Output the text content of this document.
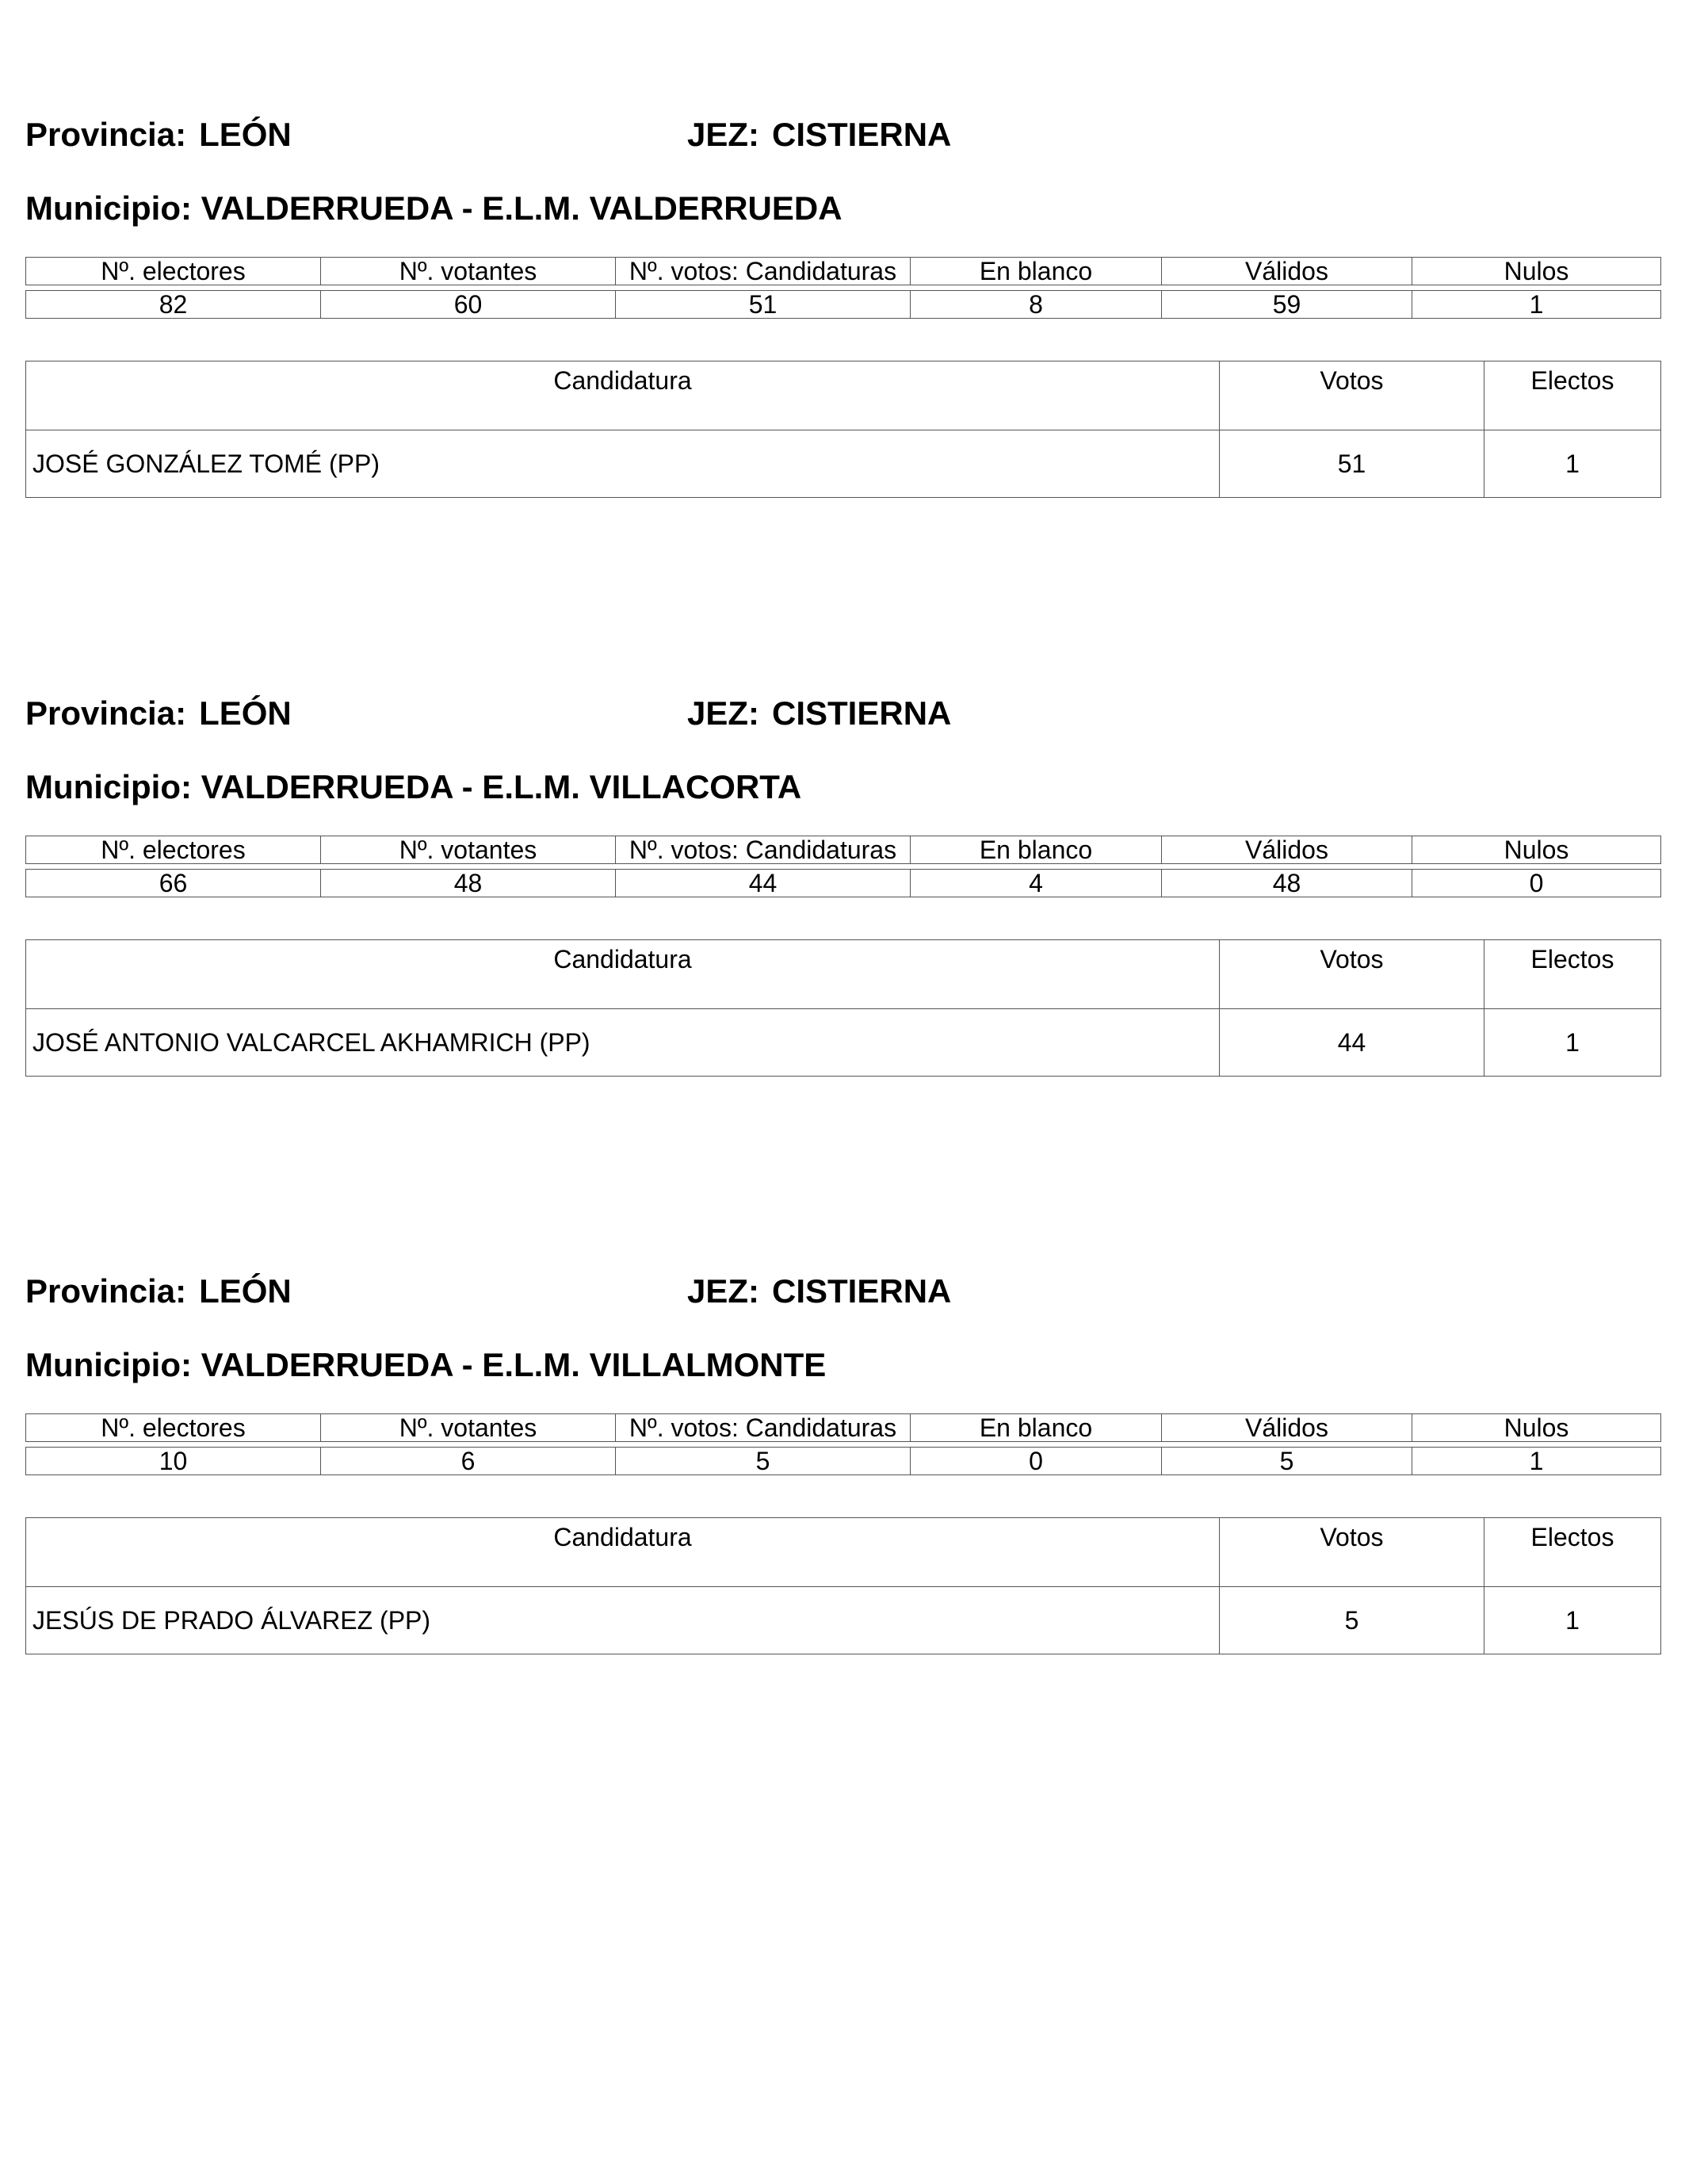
Provincia: LEÓN	JEZ: CISTIERNA
Municipio: VALDERRUEDA - E.L.M. VALDERRUEDA
Nº. electores	Nº. votantes	Nº. votos: Candidaturas	En blanco	Válidos	Nulos

82	60	51	8	59	1
Candidatura	Votos	Electos
JOSÉ GONZÁLEZ TOMÉ (PP)	51	1
Provincia: LEÓN	JEZ: CISTIERNA
Municipio: VALDERRUEDA - E.L.M. VILLACORTA
Nº. electores	Nº. votantes	Nº. votos: Candidaturas	En blanco	Válidos	Nulos

66	48	44	4	48	0
Candidatura	Votos	Electos
JOSÉ ANTONIO VALCARCEL AKHAMRICH (PP)	44	1
Provincia: LEÓN	JEZ: CISTIERNA
Municipio: VALDERRUEDA - E.L.M. VILLALMONTE
Nº. electores	Nº. votantes	Nº. votos: Candidaturas	En blanco	Válidos	Nulos

10	6	5	0	5	1
Candidatura	Votos	Electos
JESÚS DE PRADO ÁLVAREZ (PP)	5	1
